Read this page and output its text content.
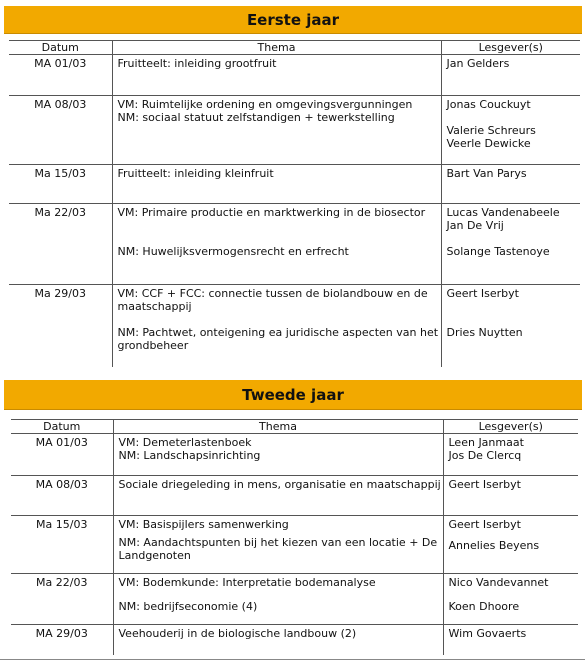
Eerste jaar
Datum	Thema	Lesgever(s)
MA 01/03	Fruitteelt: inleiding grootfruit	Jan Gelders

MA 08/03	VM: Ruimtelijke ordening en omgevingsvergunningen
NM: sociaal statuut zelfstandigen + tewerkstelling	Jonas Couckuyt
Valerie Schreurs
Veerle Dewicke

Ma 15/03	Fruitteelt: inleiding kleinfruit	Bart Van Parys

Ma 22/03	VM: Primaire productie en marktwerking in de biosector
NM: Huwelijksvermogensrecht en erfrecht	Lucas Vandenabeele
Jan De Vrij
Solange Tastenoye

Ma 29/03	VM: CCF + FCC: connectie tussen de biolandbouw en de
maatschappij
NM: Pachtwet, onteigening ea juridische aspecten van het
grondbeheer	Geert Iserbyt
Dries Nuytten
Tweede jaar
Datum	Thema	Lesgever(s)
MA 01/03	VM: Demeterlastenboek
NM: Landschapsinrichting	Leen Janmaat
Jos De Clercq

MA 08/03	Sociale driegeleding in mens, organisatie en maatschappij	Geert Iserbyt

Ma 15/03	VM: Basispijlers samenwerking
NM: Aandachtspunten bij het kiezen van een locatie + De
Landgenoten	Geert Iserbyt
Annelies Beyens

Ma 22/03	VM: Bodemkunde: Interpretatie bodemanalyse
NM: bedrijfseconomie (4)	Nico Vandevannet
Koen Dhoore

MA 29/03	Veehouderij in de biologische landbouw (2)	Wim Govaerts
